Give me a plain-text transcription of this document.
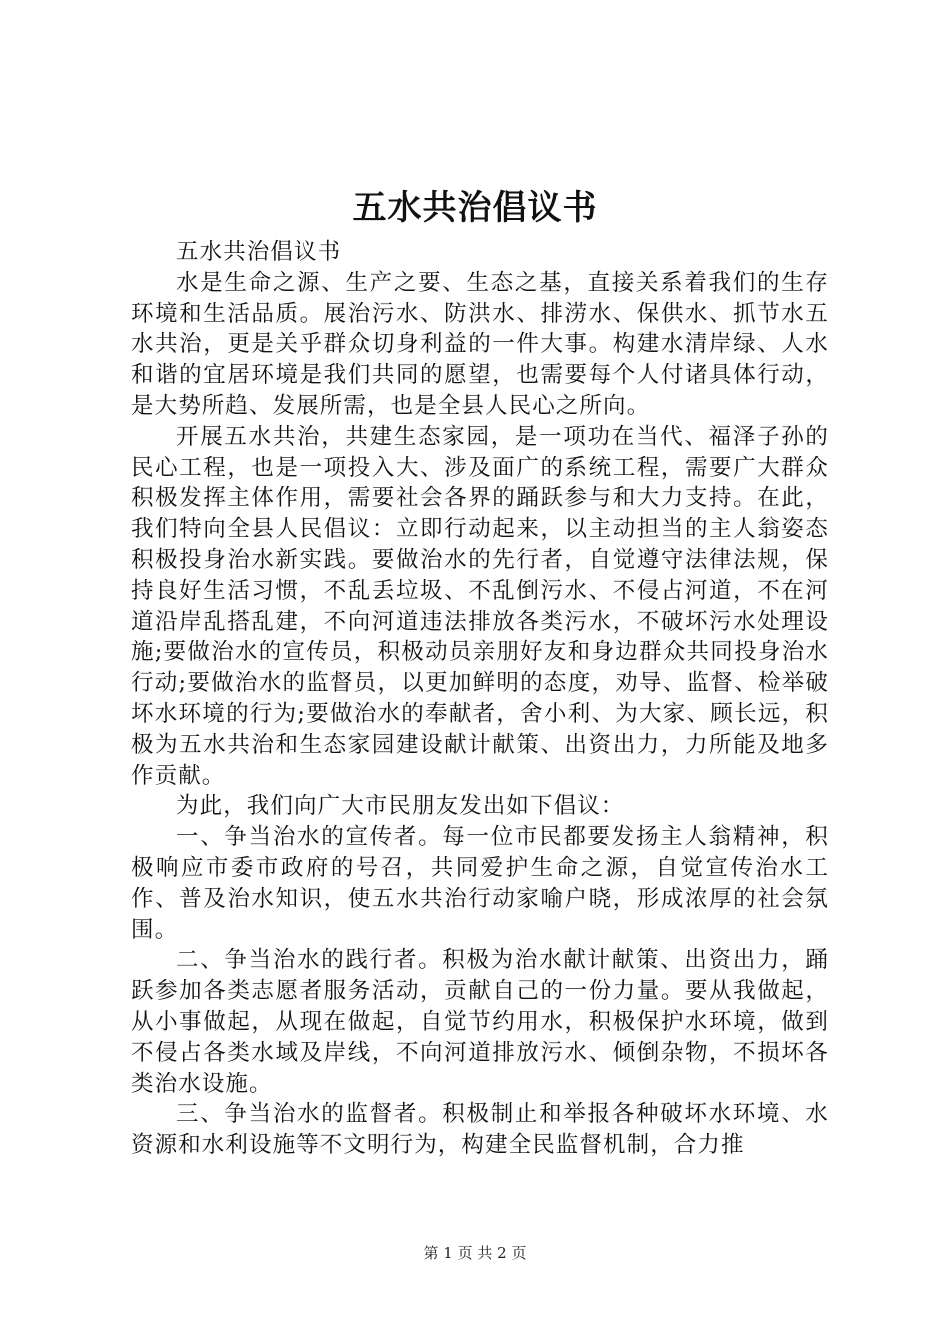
五水共治倡议书

五水共治倡议书

水是生命之源、生产之要、生态之基，直接关系着我们的生存环境和生活品质。展治污水、防洪水、排涝水、保供水、抓节水五水共治，更是关乎群众切身利益的一件大事。构建水清岸绿、人水和谐的宜居环境是我们共同的愿望，也需要每个人付诸具体行动，是大势所趋、发展所需，也是全县人民心之所向。

开展五水共治，共建生态家园，是一项功在当代、福泽子孙的民心工程，也是一项投入大、涉及面广的系统工程，需要广大群众积极发挥主体作用，需要社会各界的踊跃参与和大力支持。在此，我们特向全县人民倡议：立即行动起来，以主动担当的主人翁姿态积极投身治水新实践。要做治水的先行者，自觉遵守法律法规，保持良好生活习惯，不乱丢垃圾、不乱倒污水、不侵占河道，不在河道沿岸乱搭乱建，不向河道违法排放各类污水，不破坏污水处理设施;要做治水的宣传员，积极动员亲朋好友和身边群众共同投身治水行动;要做治水的监督员，以更加鲜明的态度，劝导、监督、检举破坏水环境的行为;要做治水的奉献者，舍小利、为大家、顾长远，积极为五水共治和生态家园建设献计献策、出资出力，力所能及地多作贡献。

为此，我们向广大市民朋友发出如下倡议：

一、争当治水的宣传者。每一位市民都要发扬主人翁精神，积极响应市委市政府的号召，共同爱护生命之源，自觉宣传治水工作、普及治水知识，使五水共治行动家喻户晓，形成浓厚的社会氛围。

二、争当治水的践行者。积极为治水献计献策、出资出力，踊跃参加各类志愿者服务活动，贡献自己的一份力量。要从我做起，从小事做起，从现在做起，自觉节约用水，积极保护水环境，做到不侵占各类水域及岸线，不向河道排放污水、倾倒杂物，不损坏各类治水设施。

三、争当治水的监督者。积极制止和举报各种破坏水环境、水资源和水利设施等不文明行为，构建全民监督机制，合力推

第 1 页 共 2 页
